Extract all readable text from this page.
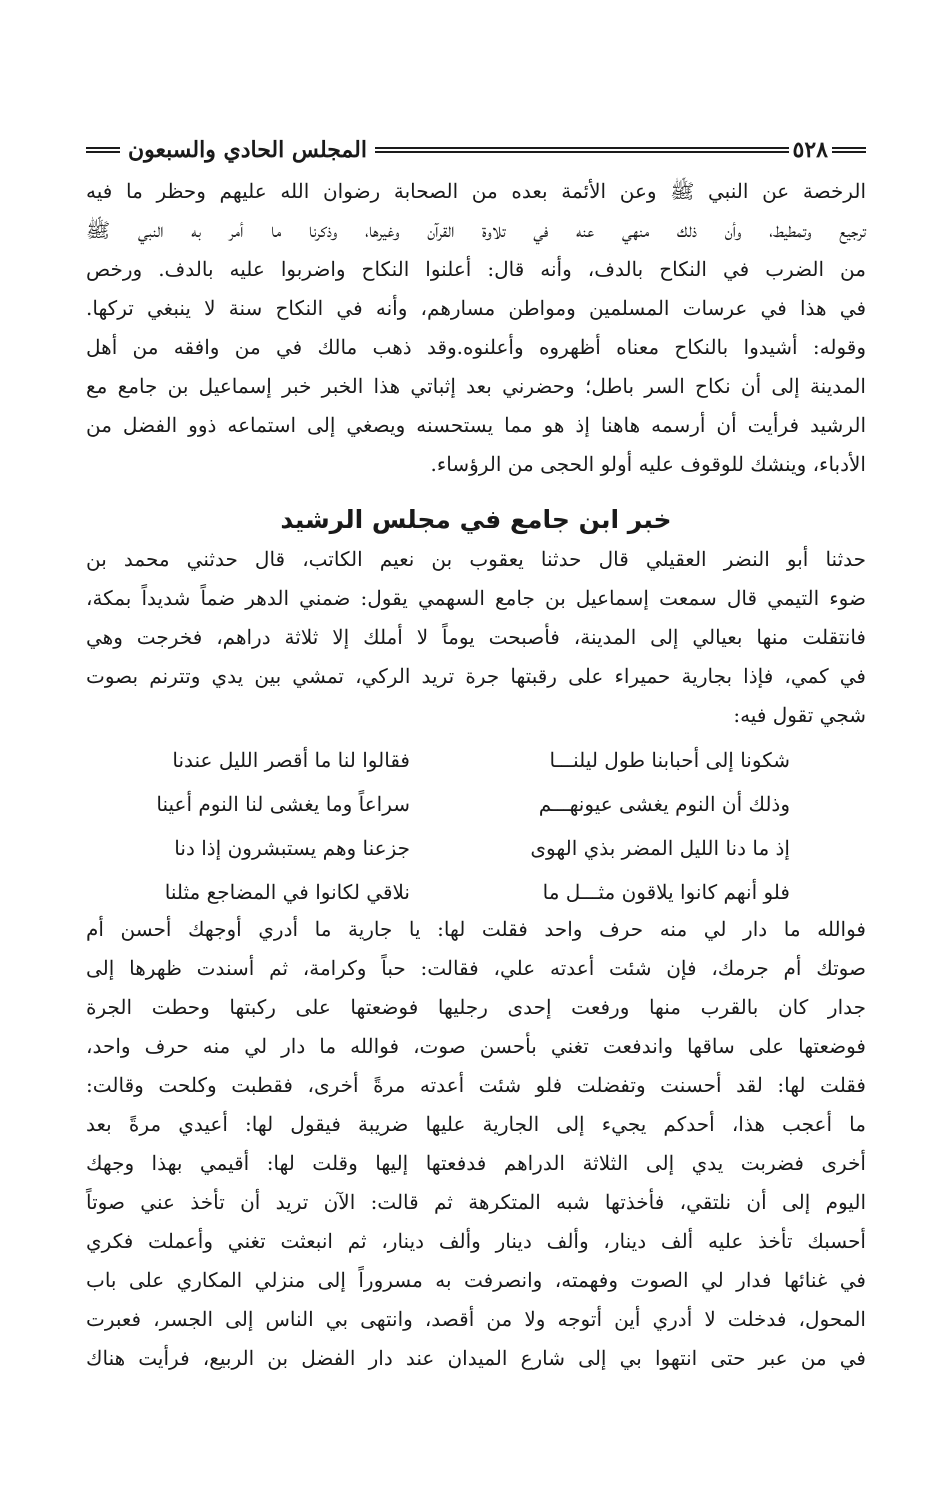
٥٢٨
المجلس الحادي والسبعون
الرخصة عن النبي ﷺ وعن الأئمة بعده من الصحابة رضوان الله عليهم وحظر ما فيه
ترجيع وتمطيط، وأن ذلك منهي عنه في تلاوة القرآن وغيرها، وذكرنا ما أمر به النبي ﷺ
من الضرب في النكاح بالدف، وأنه قال: أعلنوا النكاح واضربوا عليه بالدف. ورخص
في هذا في عرسات المسلمين ومواطن مسارهم، وأنه في النكاح سنة لا ينبغي تركها.
وقوله: أشيدوا بالنكاح معناه أظهروه وأعلنوه.وقد ذهب مالك في من وافقه من أهل
المدينة إلى أن نكاح السر باطل؛ وحضرني بعد إثباتي هذا الخبر خبر إسماعيل بن جامع مع
الرشيد فرأيت أن أرسمه هاهنا إذ هو مما يستحسنه ويصغي إلى استماعه ذوو الفضل من
الأدباء، وينشك للوقوف عليه أولو الحجى من الرؤساء.
خبر ابن جامع في مجلس الرشيد
حدثنا أبو النضر العقيلي قال حدثنا يعقوب بن نعيم الكاتب، قال حدثني محمد بن
ضوء التيمي قال سمعت إسماعيل بن جامع السهمي يقول: ضمني الدهر ضماً شديداً بمكة،
فانتقلت منها بعيالي إلى المدينة، فأصبحت يوماً لا أملك إلا ثلاثة دراهم، فخرجت وهي
في كمي، فإذا بجارية حميراء على رقبتها جرة تريد الركي، تمشي بين يدي وتترنم بصوت
شجي تقول فيه:
شكونا إلى أحبابنا طول ليلنـــا
فقالوا لنا ما أقصر الليل عندنا
وذلك أن النوم يغشى عيونهـــم
سراعاً وما يغشى لنا النوم أعينا
إذ ما دنا الليل المضر بذي الهوى
جزعنا وهم يستبشرون إذا دنا
فلو أنهم كانوا يلاقون مثـــل ما
نلاقي لكانوا في المضاجع مثلنا
فوالله ما دار لي منه حرف واحد فقلت لها: يا جارية ما أدري أوجهك أحسن أم
صوتك أم جرمك، فإن شئت أعدته علي، فقالت: حباً وكرامة، ثم أسندت ظهرها إلى
جدار كان بالقرب منها ورفعت إحدى رجليها فوضعتها على ركبتها وحطت الجرة
فوضعتها على ساقها واندفعت تغني بأحسن صوت، فوالله ما دار لي منه حرف واحد،
فقلت لها: لقد أحسنت وتفضلت فلو شئت أعدته مرةً أخرى، فقطبت وكلحت وقالت:
ما أعجب هذا، أحدكم يجيء إلى الجارية عليها ضريبة فيقول لها: أعيدي مرةً بعد
أخرى فضربت يدي إلى الثلاثة الدراهم فدفعتها إليها وقلت لها: أقيمي بهذا وجهك
اليوم إلى أن نلتقي، فأخذتها شبه المتكرهة ثم قالت: الآن تريد أن تأخذ عني صوتاً
أحسبك تأخذ عليه ألف دينار، وألف دينار وألف دينار، ثم انبعثت تغني وأعملت فكري
في غنائها فدار لي الصوت وفهمته، وانصرفت به مسروراً إلى منزلي المكاري على باب
المحول، فدخلت لا أدري أين أتوجه ولا من أقصد، وانتهى بي الناس إلى الجسر، فعبرت
في من عبر حتى انتهوا بي إلى شارع الميدان عند دار الفضل بن الربيع، فرأيت هناك
